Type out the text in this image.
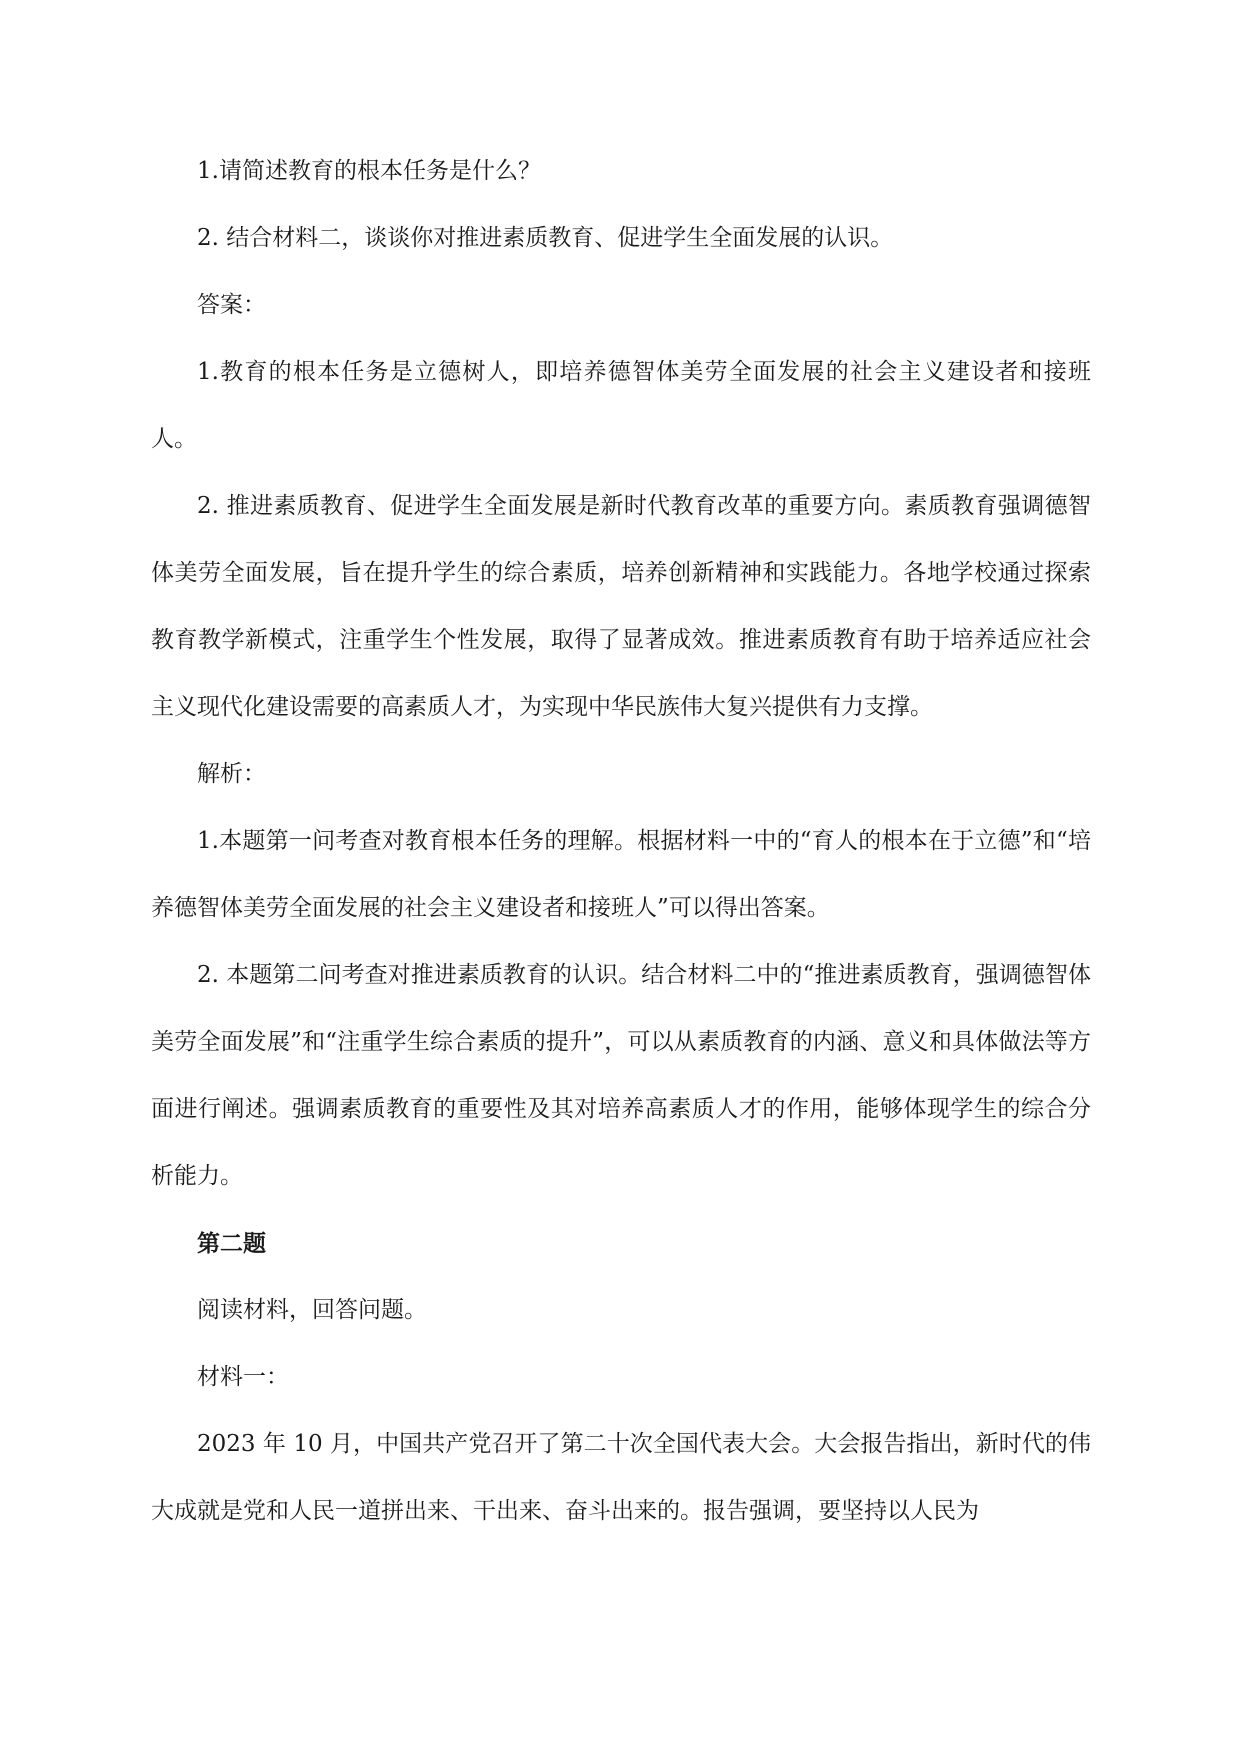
1.请简述教育的根本任务是什么？

2. 结合材料二，谈谈你对推进素质教育、促进学生全面发展的认识。

答案：

1.教育的根本任务是立德树人，即培养德智体美劳全面发展的社会主义建设者和接班人。

2. 推进素质教育、促进学生全面发展是新时代教育改革的重要方向。素质教育强调德智体美劳全面发展，旨在提升学生的综合素质，培养创新精神和实践能力。各地学校通过探索教育教学新模式，注重学生个性发展，取得了显著成效。推进素质教育有助于培养适应社会主义现代化建设需要的高素质人才，为实现中华民族伟大复兴提供有力支撑。

解析：

1.本题第一问考查对教育根本任务的理解。根据材料一中的“育人的根本在于立德”和“培养德智体美劳全面发展的社会主义建设者和接班人”可以得出答案。

2. 本题第二问考查对推进素质教育的认识。结合材料二中的“推进素质教育，强调德智体美劳全面发展”和“注重学生综合素质的提升”，可以从素质教育的内涵、意义和具体做法等方面进行阐述。强调素质教育的重要性及其对培养高素质人才的作用，能够体现学生的综合分析能力。

第二题

阅读材料，回答问题。

材料一：

2023 年 10 月，中国共产党召开了第二十次全国代表大会。大会报告指出，新时代的伟大成就是党和人民一道拼出来、干出来、奋斗出来的。报告强调，要坚持以人民为
